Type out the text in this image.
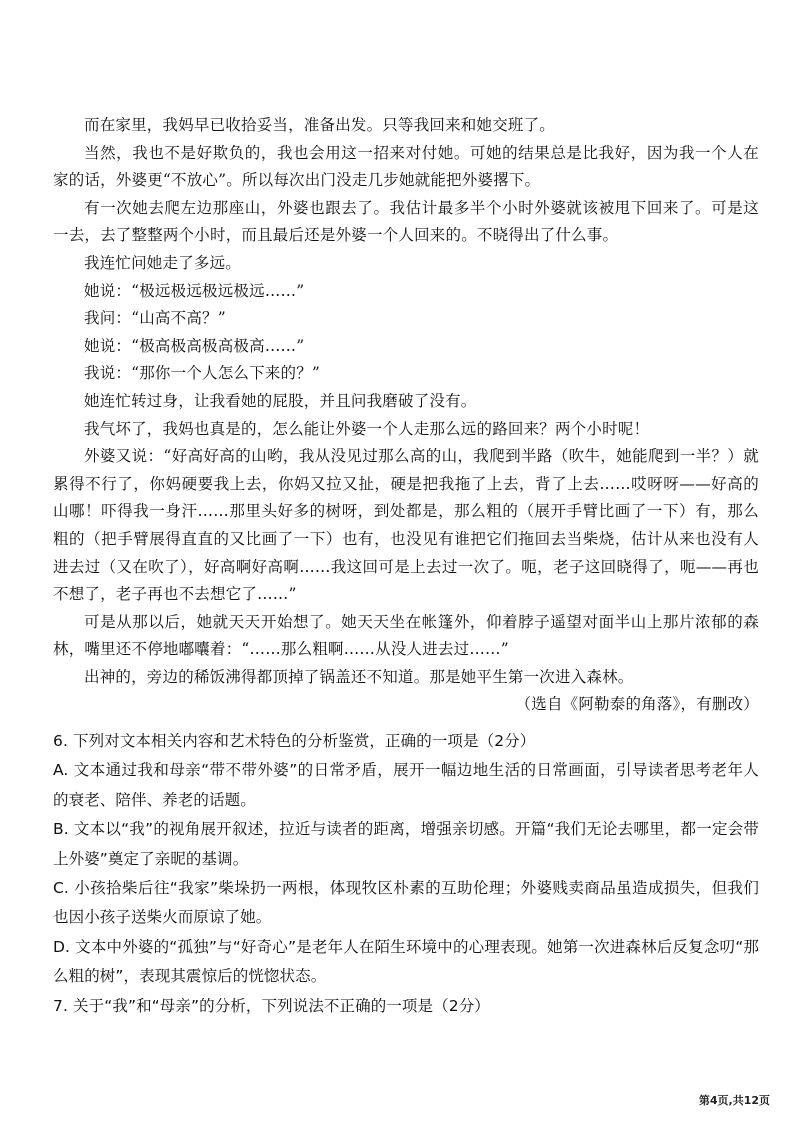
而在家里，我妈早已收拾妥当，准备出发。只等我回来和她交班了。

当然，我也不是好欺负的，我也会用这一招来对付她。可她的结果总是比我好，因为我一个人在家的话，外婆更“不放心”。所以每次出门没走几步她就能把外婆撂下。

有一次她去爬左边那座山，外婆也跟去了。我估计最多半个小时外婆就该被甩下回来了。可是这一去，去了整整两个小时，而且最后还是外婆一个人回来的。不晓得出了什么事。

我连忙问她走了多远。

她说：“极远极远极远极远……”

我问：“山高不高？”

她说：“极高极高极高极高……”

我说：“那你一个人怎么下来的？”

她连忙转过身，让我看她的屁股，并且问我磨破了没有。

我气坏了，我妈也真是的，怎么能让外婆一个人走那么远的路回来？两个小时呢！

外婆又说：“好高好高的山哟，我从没见过那么高的山，我爬到半路（吹牛，她能爬到一半？）就累得不行了，你妈硬要我上去，你妈又拉又扯，硬是把我拖了上去，背了上去……哎呀呀——好高的山哪！吓得我一身汗……那里头好多的树呀，到处都是，那么粗的（展开手臂比画了一下）有，那么粗的（把手臂展得直直的又比画了一下）也有，也没见有谁把它们拖回去当柴烧，估计从来也没有人进去过（又在吹了），好高啊好高啊……我这回可是上去过一次了。呃，老子这回晓得了，呃——再也不想了，老子再也不去想它了……”

可是从那以后，她就天天开始想了。她天天坐在帐篷外，仰着脖子遥望对面半山上那片浓郁的森林，嘴里还不停地嘟囔着：“……那么粗啊……从没人进去过……”

出神的，旁边的稀饭沸得都顶掉了锅盖还不知道。那是她平生第一次进入森林。

（选自《阿勒泰的角落》，有删改）

6. 下列对文本相关内容和艺术特色的分析鉴赏，正确的一项是（2分）

A. 文本通过我和母亲“带不带外婆”的日常矛盾，展开一幅边地生活的日常画面，引导读者思考老年人的衰老、陪伴、养老的话题。

B. 文本以“我”的视角展开叙述，拉近与读者的距离，增强亲切感。开篇“我们无论去哪里，都一定会带上外婆”奠定了亲昵的基调。

C. 小孩拾柴后往“我家”柴垛扔一两根，体现牧区朴素的互助伦理；外婆贱卖商品虽造成损失，但我们也因小孩子送柴火而原谅了她。

D. 文本中外婆的“孤独”与“好奇心”是老年人在陌生环境中的心理表现。她第一次进森林后反复念叨“那么粗的树”，表现其震惊后的恍惚状态。

7. 关于“我”和“母亲”的分析，下列说法不正确的一项是（2分）

第4页,共12页
